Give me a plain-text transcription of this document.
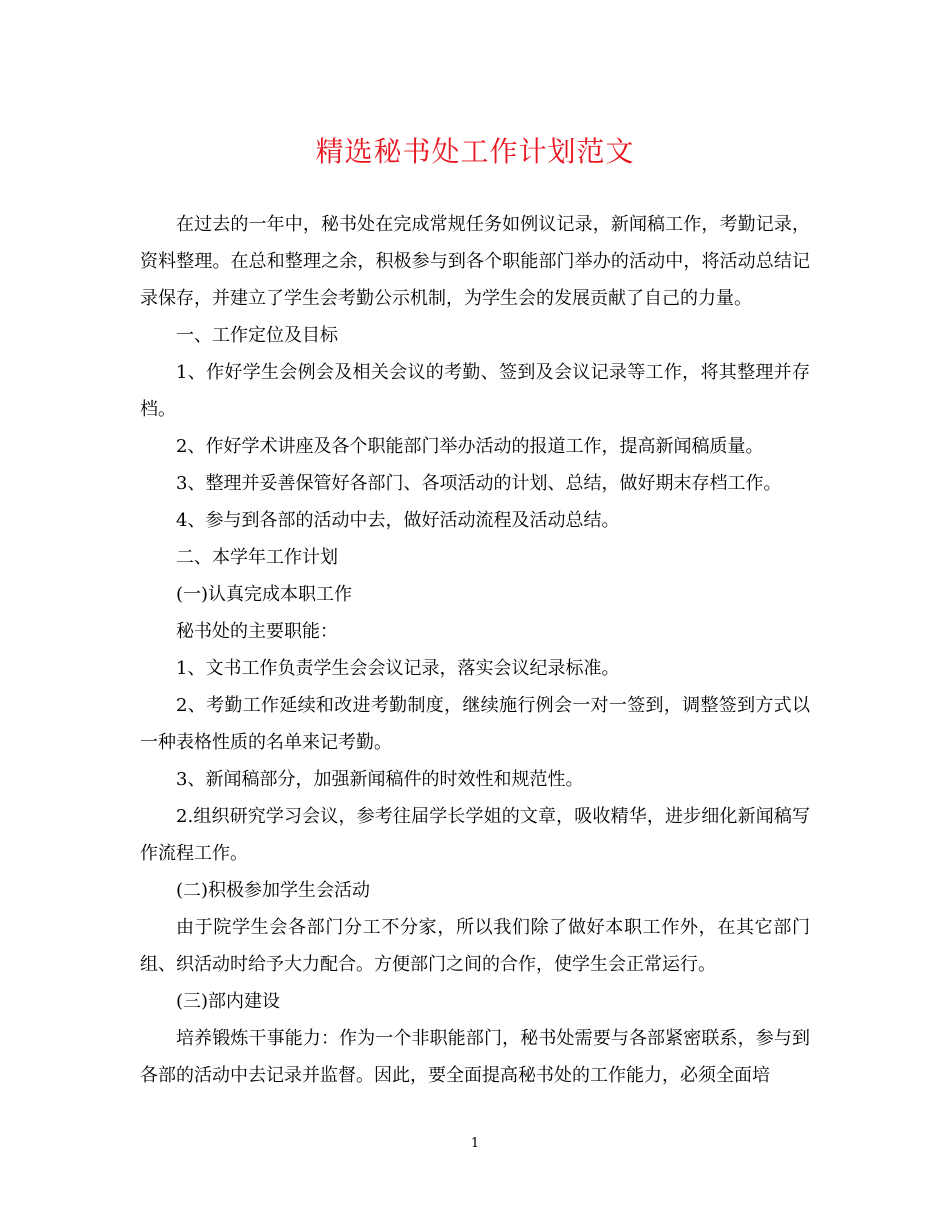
精选秘书处工作计划范文

在过去的一年中，秘书处在完成常规任务如例议记录，新闻稿工作，考勤记录，资料整理。在总和整理之余，积极参与到各个职能部门举办的活动中，将活动总结记录保存，并建立了学生会考勤公示机制，为学生会的发展贡献了自己的力量。

一、工作定位及目标

1、作好学生会例会及相关会议的考勤、签到及会议记录等工作，将其整理并存档。

2、作好学术讲座及各个职能部门举办活动的报道工作，提高新闻稿质量。

3、整理并妥善保管好各部门、各项活动的计划、总结，做好期末存档工作。

4、参与到各部的活动中去，做好活动流程及活动总结。

二、本学年工作计划

(一)认真完成本职工作

秘书处的主要职能：

1、文书工作负责学生会会议记录，落实会议纪录标准。

2、考勤工作延续和改进考勤制度，继续施行例会一对一签到，调整签到方式以一种表格性质的名单来记考勤。

3、新闻稿部分，加强新闻稿件的时效性和规范性。

2.组织研究学习会议，参考往届学长学姐的文章，吸收精华，进步细化新闻稿写作流程工作。

(二)积极参加学生会活动

由于院学生会各部门分工不分家，所以我们除了做好本职工作外，在其它部门组、织活动时给予大力配合。方便部门之间的合作，使学生会正常运行。

(三)部内建设

培养锻炼干事能力：作为一个非职能部门，秘书处需要与各部紧密联系，参与到各部的活动中去记录并监督。因此，要全面提高秘书处的工作能力，必须全面培

1
